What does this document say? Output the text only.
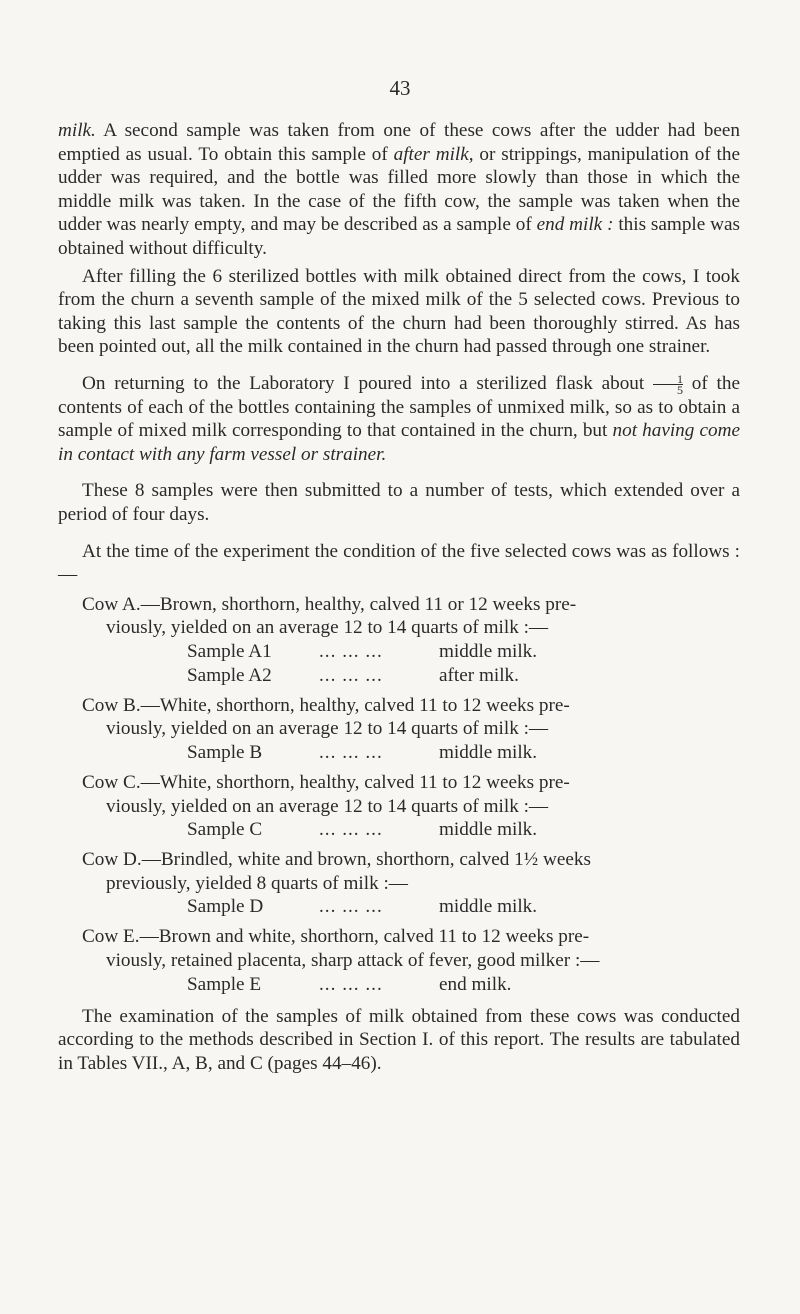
43

milk. A second sample was taken from one of these cows after the udder had been emptied as usual. To obtain this sample of after milk, or strippings, manipulation of the udder was required, and the bottle was filled more slowly than those in which the middle milk was taken. In the case of the fifth cow, the sample was taken when the udder was nearly empty, and may be described as a sample of end milk : this sample was obtained without difficulty.

After filling the 6 sterilized bottles with milk obtained direct from the cows, I took from the churn a seventh sample of the mixed milk of the 5 selected cows. Previous to taking this last sample the contents of the churn had been thoroughly stirred. As has been pointed out, all the milk contained in the churn had passed through one strainer.

On returning to the Laboratory I poured into a sterilized flask about $\frac{1}{5}$ of the contents of each of the bottles containing the samples of unmixed milk, so as to obtain a sample of mixed milk corresponding to that contained in the churn, but not having come in contact with any farm vessel or strainer.

These 8 samples were then submitted to a number of tests, which extended over a period of four days.

At the time of the experiment the condition of the five selected cows was as follows :—

Cow A.—Brown, shorthorn, healthy, calved 11 or 12 weeks pre-
viously, yielded on an average 12 to 14 quarts of milk :—
Sample A1	... ... ...	middle milk.
Sample A2	... ... ...	after milk.
Cow B.—White, shorthorn, healthy, calved 11 to 12 weeks pre-
viously, yielded on an average 12 to 14 quarts of milk :—
Sample B	... ... ...	middle milk.
Cow C.—White, shorthorn, healthy, calved 11 to 12 weeks pre-
viously, yielded on an average 12 to 14 quarts of milk :—
Sample C	... ... ...	middle milk.
Cow D.—Brindled, white and brown, shorthorn, calved 1½ weeks
previously, yielded 8 quarts of milk :—
Sample D	... ... ...	middle milk.
Cow E.—Brown and white, shorthorn, calved 11 to 12 weeks pre-
viously, retained placenta, sharp attack of fever, good milker :—
Sample E	... ... ...	end milk.

The examination of the samples of milk obtained from these cows was conducted according to the methods described in Section I. of this report. The results are tabulated in Tables VII., A, B, and C (pages 44–46).
